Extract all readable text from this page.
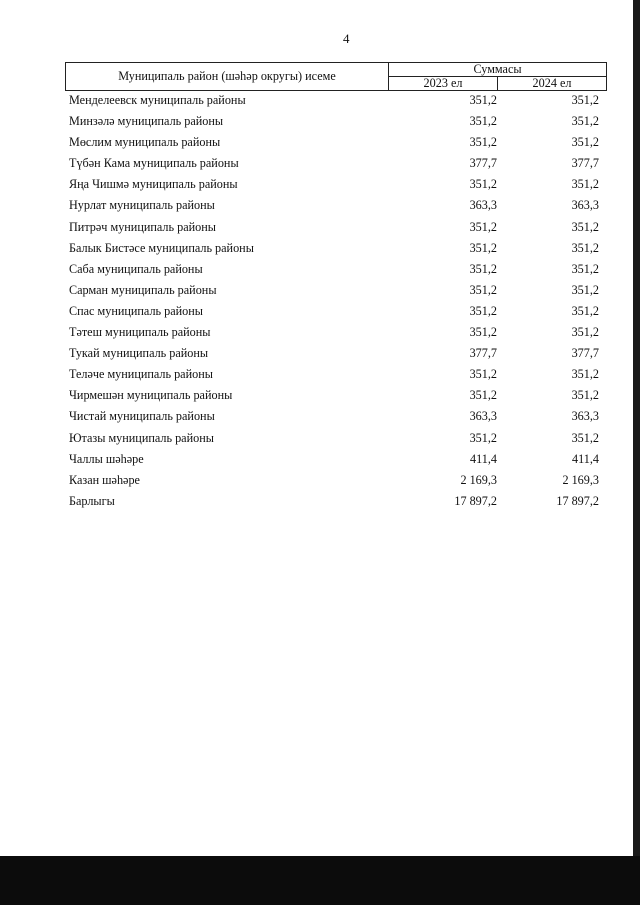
4
Муниципаль район (шәһәр округы) исеме	Суммасы
2023 ел	2024 ел
Менделеевск муниципаль районы	351,2	351,2
Минзәлә муниципаль районы	351,2	351,2
Мөслим муниципаль районы	351,2	351,2
Түбән Кама муниципаль районы	377,7	377,7
Яңа Чишмә муниципаль районы	351,2	351,2
Нурлат муниципаль районы	363,3	363,3
Питрәч муниципаль районы	351,2	351,2
Балык Бистәсе муниципаль районы	351,2	351,2
Саба муниципаль районы	351,2	351,2
Сарман муниципаль районы	351,2	351,2
Спас муниципаль районы	351,2	351,2
Тәтеш муниципаль районы	351,2	351,2
Тукай муниципаль районы	377,7	377,7
Теләче муниципаль районы	351,2	351,2
Чирмешән муниципаль районы	351,2	351,2
Чистай муниципаль районы	363,3	363,3
Ютазы муниципаль районы	351,2	351,2
Чаллы шәһәре	411,4	411,4
Казан шәһәре	2 169,3	2 169,3
Барлыгы	17 897,2	17 897,2
